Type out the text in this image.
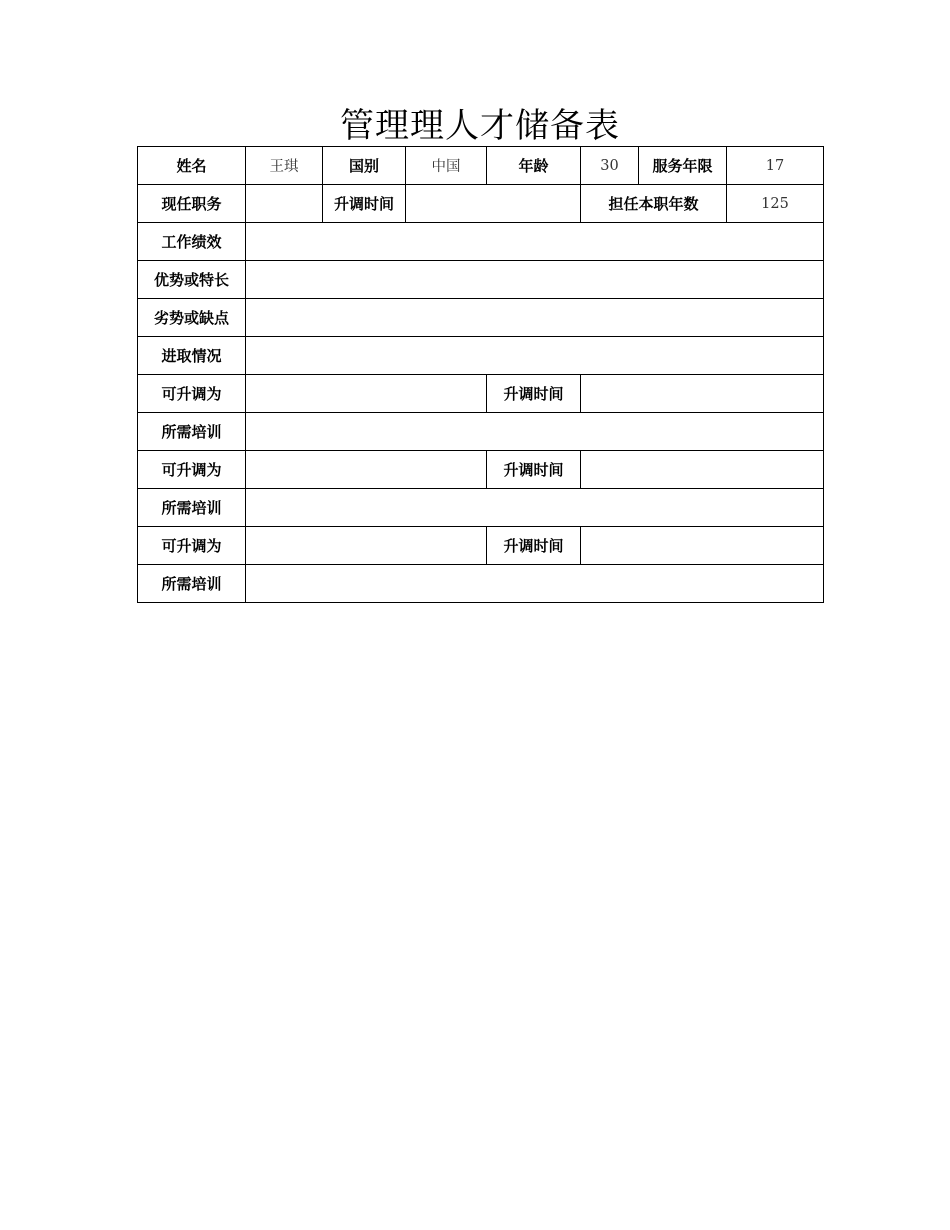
管理理人才储备表
姓名	王琪	国别	中国	年龄	30	服务年限	17
现任职务		升调时间			担任本职年数		125
工作绩效							
优势或特长							
劣势或缺点							
进取情况							
可升调为				升调时间			
所需培训							
可升调为				升调时间			
所需培训							
可升调为				升调时间			
所需培训							
